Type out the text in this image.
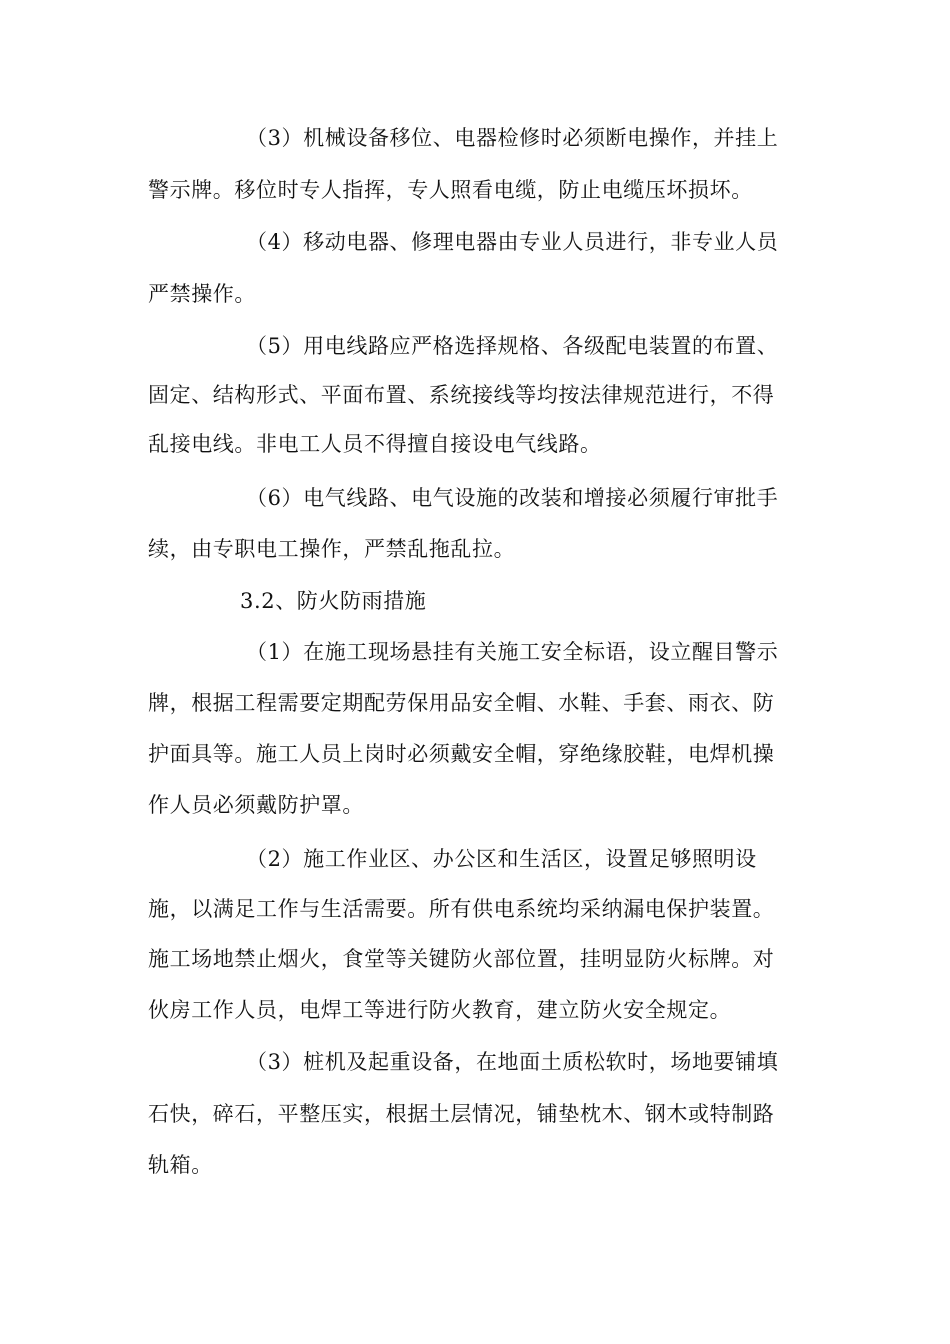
（3）机械设备移位、电器检修时必须断电操作，并挂上
警示牌。移位时专人指挥，专人照看电缆，防止电缆压坏损坏。
（4）移动电器、修理电器由专业人员进行，非专业人员
严禁操作。
（5）用电线路应严格选择规格、各级配电装置的布置、
固定、结构形式、平面布置、系统接线等均按法律规范进行，不得
乱接电线。非电工人员不得擅自接设电气线路。
（6）电气线路、电气设施的改装和增接必须履行审批手
续，由专职电工操作，严禁乱拖乱拉。
3.2、防火防雨措施
（1）在施工现场悬挂有关施工安全标语，设立醒目警示
牌，根据工程需要定期配劳保用品安全帽、水鞋、手套、雨衣、防
护面具等。施工人员上岗时必须戴安全帽，穿绝缘胶鞋，电焊机操
作人员必须戴防护罩。
（2）施工作业区、办公区和生活区，设置足够照明设
施，以满足工作与生活需要。所有供电系统均采纳漏电保护装置。
施工场地禁止烟火，食堂等关键防火部位置，挂明显防火标牌。对
伙房工作人员，电焊工等进行防火教育，建立防火安全规定。
（3）桩机及起重设备，在地面土质松软时，场地要铺填
石快，碎石，平整压实，根据土层情况，铺垫枕木、钢木或特制路
轨箱。
